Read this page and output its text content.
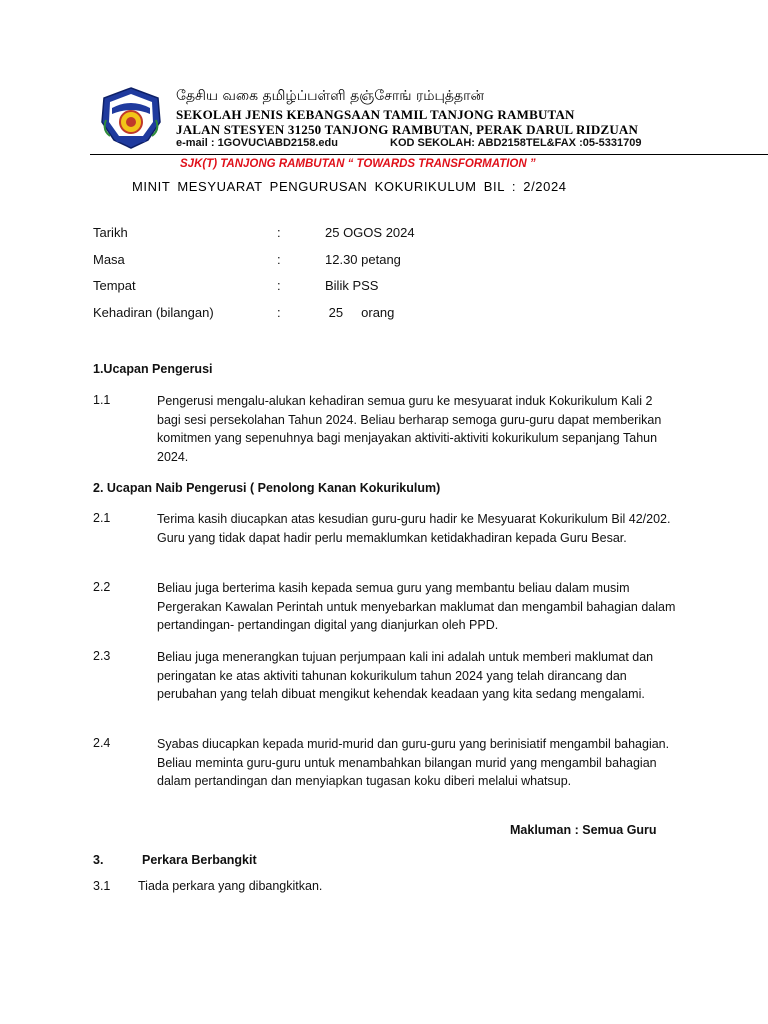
தேசிய வகை தமிழ்ப்பள்ளி தஞ்சோங் ரம்புத்தான்
SEKOLAH JENIS KEBANGSAAN TAMIL TANJONG RAMBUTAN
JALAN STESYEN 31250 TANJONG RAMBUTAN, PERAK DARUL RIDZUAN
e-mail : 1GOVUC\ABD2158.edu	KOD SEKOLAH: ABD2158TEL&FAX :05-5331709
SJK(T) TANJONG RAMBUTAN “ TOWARDS TRANSFORMATION ”
MINIT MESYUARAT PENGURUSAN KOKURIKULUM BIL : 2/2024
Tarikh	:	25 OGOS 2024
Masa	:	12.30 petang
Tempat	:	Bilik PSS
Kehadiran (bilangan)	:	25     orang
1.Ucapan Pengerusi
1.1	Pengerusi mengalu-alukan kehadiran semua guru ke mesyuarat induk Kokurikulum Kali 2 bagi sesi persekolahan Tahun 2024. Beliau berharap semoga guru-guru dapat memberikan komitmen yang sepenuhnya bagi menjayakan aktiviti-aktiviti kokurikulum sepanjang Tahun 2024.
2. Ucapan Naib Pengerusi ( Penolong Kanan Kokurikulum)
2.1	Terima kasih diucapkan atas kesudian guru-guru hadir ke Mesyuarat Kokurikulum Bil 42/202. Guru yang tidak dapat hadir perlu memaklumkan ketidakhadiran kepada Guru Besar.
2.2	Beliau juga berterima kasih kepada semua guru yang membantu beliau dalam musim Pergerakan Kawalan Perintah untuk menyebarkan maklumat dan mengambil bahagian dalam pertandingan- pertandingan digital yang dianjurkan oleh PPD.
2.3	Beliau juga menerangkan tujuan perjumpaan kali ini adalah untuk memberi maklumat dan peringatan ke atas aktiviti tahunan kokurikulum tahun 2024 yang telah dirancang dan perubahan yang telah dibuat mengikut kehendak keadaan yang kita sedang mengalami.
2.4	Syabas diucapkan kepada murid-murid dan guru-guru yang berinisiatif mengambil bahagian. Beliau meminta guru-guru untuk menambahkan bilangan murid yang mengambil bahagian dalam pertandingan dan menyiapkan tugasan koku diberi melalui whatsup.
Makluman : Semua Guru
3.	Perkara Berbangkit
3.1 Tiada perkara yang dibangkitkan.
